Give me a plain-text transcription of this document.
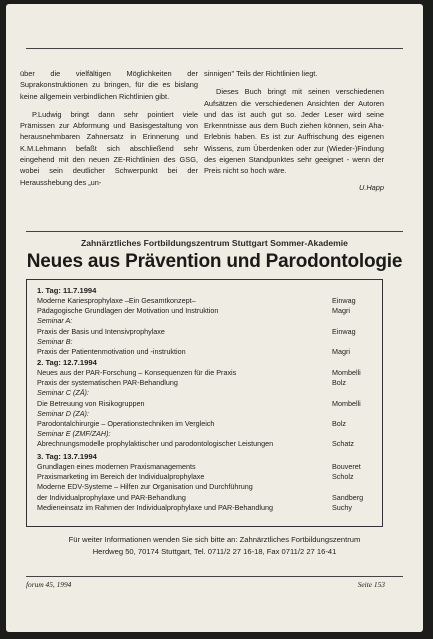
über die vielfältigen Möglichkeiten der Suprakonstruktionen zu bringen, für die es bislang keine allgemein verbindlichen Richtlinien gibt.

P.Ludwig bringt dann sehr pointiert viele Prämissen zur Abformung und Basisgestaltung von herausnehmbaren Zahnersatz in Erinnerung und K.M.Lehmann befaßt sich abschließend sehr eingehend mit den neuen ZE-Richtlinien des GSG, wobei sein deutlicher Schwerpunkt bei der Herausshebung des „un-

sinnigen" Teils der Richtlinien liegt.

Dieses Buch bringt mit seinen verschiedenen Aufsätzen die verschiedenen Ansichten der Autoren und das ist auch gut so. Jeder Leser wird seine Erkenntnisse aus dem Buch ziehen können, sein Aha-Erlebnis haben. Es ist zur Auffrischung des eigenen Wissens, zum Überdenken oder zur (Wieder-)Findung des eigenen Standpunktes sehr geeignet - wenn der Preis nicht so hoch wäre.

U.Happ
Zahnärztliches Fortbildungszentrum Stuttgart Sommer-Akademie
Neues aus Prävention und Parodontologie
1. Tag: 11.7.1994
Moderne Kariesprophylaxe –Ein Gesamtkonzept–	Einwag
Pädagogische Grundlagen der Motivation und Instruktion	Magri
Seminar A:
Praxis der Basis und Intensivprophylaxe	Einwag
Seminar B:
Praxis der Patientenmotivation und -instruktion	Magri
2. Tag: 12.7.1994
Neues aus der PAR-Forschung – Konsequenzen für die Praxis	Mombelli
Praxis der systematischen PAR-Behandlung	Bolz
Seminar C (ZÄ):
Die Betreuung von Risikogruppen	Mombelli
Seminar D (ZA):
Parodontalchirurgie – Operationstechniken im Vergleich	Bolz
Seminar E (ZMF/ZAH):
Abrechnungsmodelle prophylaktischer und parodontologischer Leistungen	Schatz
3. Tag: 13.7.1994
Grundlagen eines modernen Praxismanagements	Bouveret
Praxismarketing im Bereich der Individualprophylaxe	Scholz
Moderne EDV-Systeme – Hilfen zur Organisation und Durchführung
der Individualprophylaxe und PAR-Behandlung	Sandberg
Medieneinsatz im Rahmen der Individualprophylaxe und PAR-Behandlung	Suchy
Für weiter Informationen wenden Sie sich bitte an: Zahnärztliches Fortbildungszentrum
Herdweg 50, 70174 Stuttgart, Tel. 0711/2 27 16-18, Fax 0711/2 27 16-41
forum 45, 1994	Seite 153
